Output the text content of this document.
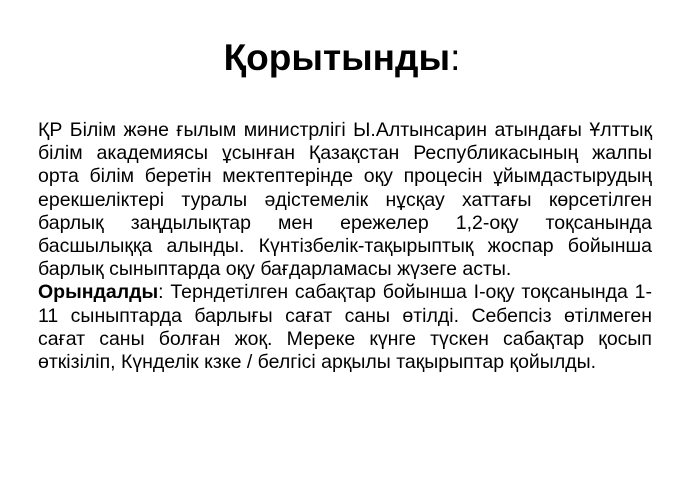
Қорытынды:

ҚР Білім және ғылым министрлігі Ы.Алтынсарин атындағы Ұлттық білім академиясы ұсынған Қазақстан Республикасының жалпы орта білім беретін мектептерінде оқу процесін ұйымдастырудың ерекшеліктері туралы әдістемелік нұсқау хаттағы көрсетілген барлық заңдылықтар мен ережелер 1,2-оқу тоқсанында басшылыққа алынды. Күнтізбелік-тақырыптық жоспар бойынша барлық сыныптарда оқу бағдарламасы жүзеге асты.

Орындалды: Терндетілген сабақтар бойынша І-оқу тоқсанында 1-11 сыныптарда барлығы сағат саны өтілді. Себепсіз өтілмеген сағат саны болған жоқ. Мереке күнге түскен сабақтар қосып өткізіліп, Күнделік кзке / белгісі арқылы тақырыптар қойылды.
